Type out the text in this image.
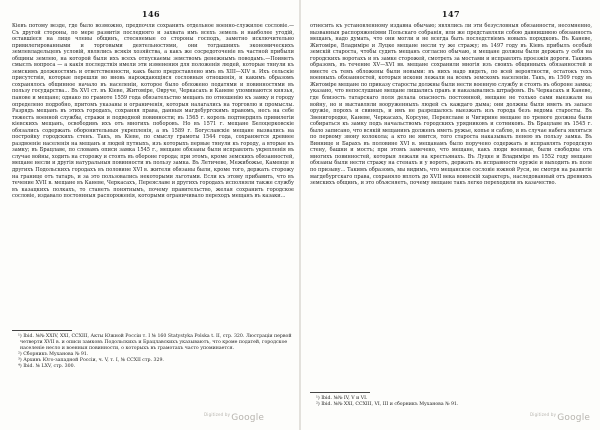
146

Кiевъ потому везде, где было возможно, предпочли сохранить отдельное военно-служилое сословiе.— Съ другой стороны, по мере развитiя последняго и захвата имъ всехъ земель и наиболее угодiй, оставшiеся на лице члены общинъ, стесняемые со стороны господъ, заметно исключительно привилегированными и торговыми деятельностями, они тогдашнихъ экономическихъ землевладельцевъ условiй, являлись всякiя хозяйства, а какъ же сосредоточенiе въ частной прибыли общины землею, на которой были ихъ всехъ отпускаемы земствомъ денежнымъ поводамъ.—Поиметъ смыслъ вопроса — а какiя последствiя имели эти изменения для положенiя людей, которые тянули къ земскимъ должностямъ и ответственности, какъ было предоставлено имъ въ XIII—XIV в. Ихъ сельскiе присутствiя, которые перешли во вновь нарождающiяся сословныя отношенiя, и какимъ образомъ сохранялось общинное начало въ населенiи, которое было обложено податями и повинностями въ пользу государства... Въ XVI ст. въ Кiеве, Житомiре, Овруче, Черкасахъ и Каневе упоминаются князья, панове и мещане; однако по грамоте 1559 года обязательство мещанъ по отношенiю къ замку и городу определено подробно, притомъ указаны и ограниченiя, которыя налагались на торговлю и промыслы. Разрядъ мещанъ въ этихъ городахъ, сохраняя права, данныя магдебургскимъ правомъ, несъ на себе тяжесть военной службы, стражи и подводной повинности; въ 1565 г. король подтвердилъ привилегiи кiевскихъ мещанъ, освободивъ ихъ отъ многихъ поборовъ. Но въ 1571 г. мещане Белоцерковскiе обязались содержать оборонительныя укрепленiя, а въ 1589 г. Богуславскiе мещане вызвались на постройку городскихъ стенъ. Такъ, въ Кiеве, по смыслу грамоты 1544 года, сохраняется древнее раздвоенiе населенiя на мещанъ и людей путныхъ, изъ которыхъ первые тянули къ городу, а вторые къ замку; въ Брацлаве, по словамъ описи замка 1545 г., мещане обязаны были исправлять укрепленiя въ случае войны, ходить на сторожу и стоять въ обороне города; при этомъ, кроме земскихъ обязанностей, мещане несли и другiя натуральныя повинности въ пользу замка. Въ Летичеве, Межибожье, Каменце и другихъ Подольскихъ городахъ въ половине XVI в. жители обязаны были, кроме того, держать сторожу на границе отъ татаръ, и за это пользовались некоторыми льготами. Если къ этому прибавить, что въ течение XVII в. мещане въ Каневе, Черкасахъ, Переяславе и другихъ городахъ исполняли также службу въ казацкихъ полкахъ, то станетъ понятнымъ, почему правительство, желая сохранить городское сословiе, издавало постоянныя распоряженiя, которыми ограничивало переходъ мещанъ въ казаки...

¹) Ibid. №№ XXIV, XXI, CCXIII, Акты Южной Россiи т. I № 160 Statystyka Polska t. II, стр. 320. Люстрацiи первой четверти XVII в. и описи замковъ Подольскихъ и Брацлавскихъ указываютъ, что кроме податей, городское населенiе несло и военныя повинности, о которыхъ въ грамотахъ часто упоминается.
²) Сборникъ Муханова № 91.
³) Архивъ Юго-западной Россiи, ч. V, т. I, № CCXII стр. 329.
⁴) Ibid. № LXV, стр. 300.
$^{Digitized by}$Google
147

отнесить къ установленному издавна обычаю; являлись ли эти безусловныя обязанности, несомненно, вызванныя распоряженiями Польскаго собранiя, или же представляли собою давнишнюю обязанность мещанъ, надо думать, что они могли и не всегда быть последствiемъ новыхъ порядковъ. Въ Каневе, Житомiре, Владимiре и Луцке мещане несли ту же стражу; въ 1497 году въ Кiевъ прибылъ особый земскiй староста, чтобы судить мещанъ согласно обычаю, и мещане должны были держать у себя на городскихъ воротахъ и въ замке сторожей, смотреть за мостами и исправлять проезжiя дороги. Такимъ образомъ, въ течение XV—XVI вв. мещане сохранили многiя изъ своихъ общинныхъ обязанностей и вместе съ темъ обложены были новыми: въ нихъ надо видеть, по всей вероятности, остатокъ техъ военныхъ обязанностей, которыя искони лежали на всемъ земскомъ населенiи. Такъ, въ 1509 году въ Житомiре мещане по приказу старосты должны были нести военную службу и стоять въ обороне замка; указано, что непослушные мещане лишались правъ и наказывались штрафомъ. Въ Черкасахъ и Каневе, где близость татарскаго поля делала опасность постоянной, мещане не только сами выезжали на войну, но и выставляли вооруженныхъ людей съ каждаго дыма; они должны были иметь въ запасе оружiе, порохъ и свинецъ, и имъ не разрешалось выезжать изъ города безъ ведома старосты. Въ Звенигородке, Каневе, Черкасахъ, Корсуне, Переяславе и Чигирине мещане по тревоге должны были собираться къ замку подъ начальствомъ городскихъ урядниковъ и сотниковъ. Въ Брацлаве въ 1545 г. было записано, что всякiй мещанинъ долженъ иметь ружье, копье и саблю, и въ случае набега являться по первому звону колокола; а кто не явится, того староста наказывалъ пенею въ пользу замка. Въ Виннице и Барахъ въ половине XVI в. мещанамъ было поручено содержать и исправлять городскую стену, башни и мостъ; при этомъ замечено, что мещане, какъ люди военные, были свободны отъ многихъ повинностей, которыя лежали на крестьянахъ. Въ Луцке и Владимiре въ 1552 году мещане обязаны были нести стражу на стенахъ и у воротъ, держать въ исправности оружiе и выходить въ поле по призыву... Такимъ образомъ, мы видимъ, что мещанское сословiе южной Руси, не смотря на развитiе магдебургскаго права, сохраняло вплоть до XVII века воинскiй характеръ, наследованный отъ древнихъ земскихъ общинъ, и это объясняетъ, почему мещане такъ легко переходили въ казачество.

¹) Ibid. №№ IV, V и VI.
²) Ibid. №№ XXI, CCXIII, VI, III и сборникъ Муханова № 91.
$^{Digitized by}$Google
